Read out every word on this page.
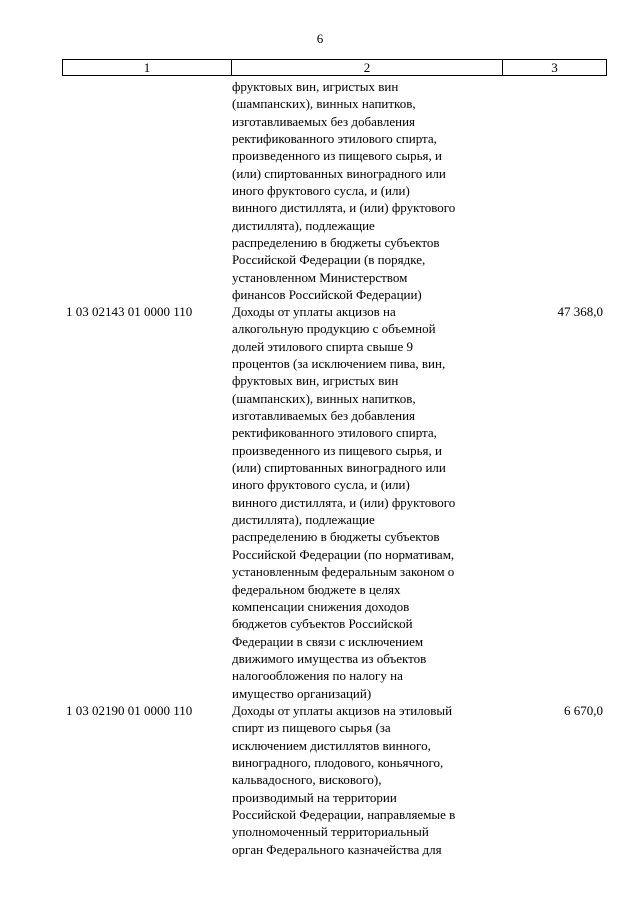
6
1	2	3
фруктовых вин, игристых вин
(шампанских), винных напитков,
изготавливаемых без добавления
ректификованного этилового спирта,
произведенного из пищевого сырья, и
(или) спиртованных виноградного или
иного фруктового сусла, и (или)
винного дистиллята, и (или) фруктового
дистиллята), подлежащие
распределению в бюджеты субъектов
Российской Федерации (в порядке,
установленном Министерством
финансов Российской Федерации)
1 03 02143 01 0000 110	47 368,0
Доходы от уплаты акцизов на
алкогольную продукцию с объемной
долей этилового спирта свыше 9
процентов (за исключением пива, вин,
фруктовых вин, игристых вин
(шампанских), винных напитков,
изготавливаемых без добавления
ректификованного этилового спирта,
произведенного из пищевого сырья, и
(или) спиртованных виноградного или
иного фруктового сусла, и (или)
винного дистиллята, и (или) фруктового
дистиллята), подлежащие
распределению в бюджеты субъектов
Российской Федерации (по нормативам,
установленным федеральным законом о
федеральном бюджете в целях
компенсации снижения доходов
бюджетов субъектов Российской
Федерации в связи с исключением
движимого имущества из объектов
налогообложения по налогу на
имущество организаций)
1 03 02190 01 0000 110	6 670,0
Доходы от уплаты акцизов на этиловый
спирт из пищевого сырья (за
исключением дистиллятов винного,
виноградного, плодового, коньячного,
кальвадосного, вискового),
производимый на территории
Российской Федерации, направляемые в
уполномоченный территориальный
орган Федерального казначейства для
